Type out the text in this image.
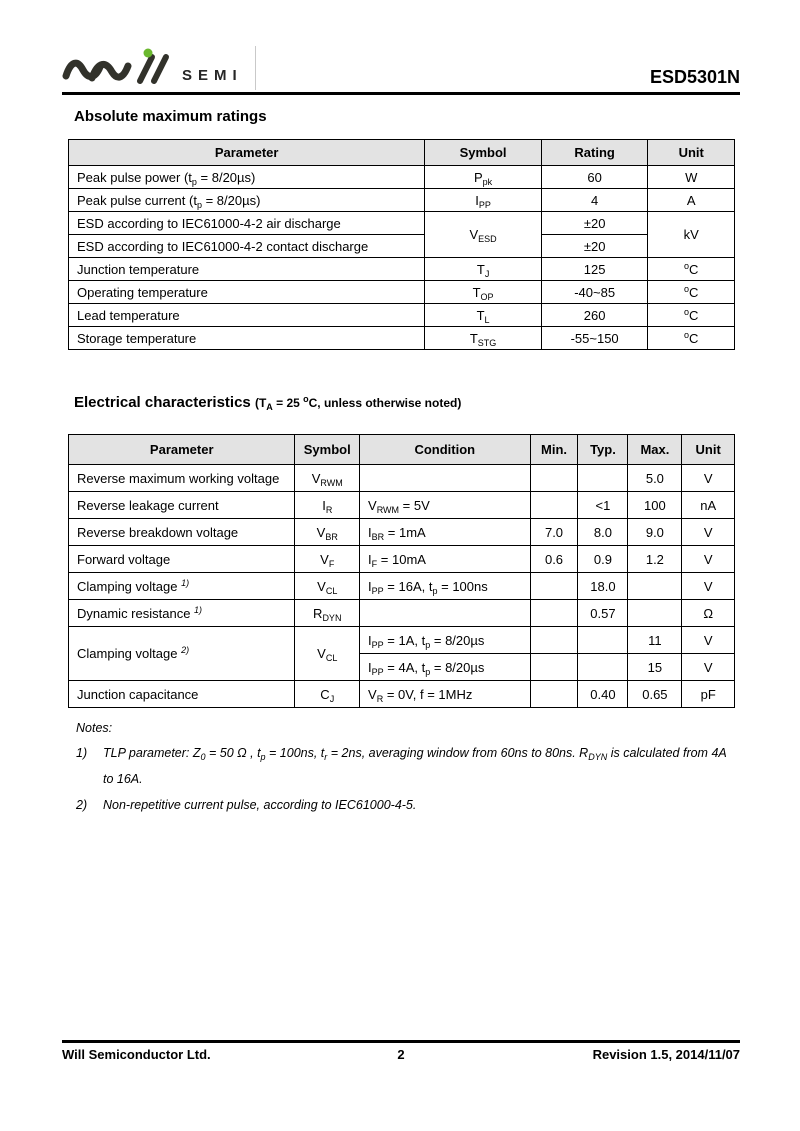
SEMI	ESD5301N
Absolute maximum ratings
Parameter	Symbol	Rating	Unit
Peak pulse power $(t_p = 8/20\mu s)$	$P_{pk}$	60	W
Peak pulse current $(t_p = 8/20\mu s)$	$I_{PP}$	4	A
ESD according to IEC61000-4-2 air discharge	$V_{ESD}$	±20	kV
ESD according to IEC61000-4-2 contact discharge		±20	
Junction temperature	$T_J$	125	$^o$C
Operating temperature	$T_{OP}$	-40~85	$^o$C
Lead temperature	$T_L$	260	$^o$C
Storage temperature	$T_{STG}$	-55~150	$^o$C
Electrical characteristics ($T_A = 25$ $^o$C, unless otherwise noted)
Parameter	Symbol	Condition	Min.	Typ.	Max.	Unit
Reverse maximum working voltage	$V_{RWM}$				5.0	V
Reverse leakage current	$I_R$	$V_{RWM} = 5V$		<1	100	nA
Reverse breakdown voltage	$V_{BR}$	$I_{BR} = 1mA$	7.0	8.0	9.0	V
Forward voltage	$V_F$	$I_F = 10mA$	0.6	0.9	1.2	V
Clamping voltage $^{1)}$	$V_{CL}$	$I_{PP} = 16A$, $t_p = 100ns$		18.0		V
Dynamic resistance $^{1)}$	$R_{DYN}$			0.57		Ω
Clamping voltage $^{2)}$	$V_{CL}$	$I_{PP} = 1A$, $t_p = 8/20\mu s$			11	V
		$I_{PP} = 4A$, $t_p = 8/20\mu s$			15	V
Junction capacitance	$C_J$	$V_R = 0V$, f = 1MHz		0.40	0.65	pF
Notes:
1)	TLP parameter: $Z_0 = 50$ Ω , $t_p = 100ns$, $t_r = 2ns$, averaging window from 60ns to 80ns. $R_{DYN}$ is calculated from 4A to 16A.
2)	Non-repetitive current pulse, according to IEC61000-4-5.
Will Semiconductor Ltd.	2	Revision 1.5, 2014/11/07
